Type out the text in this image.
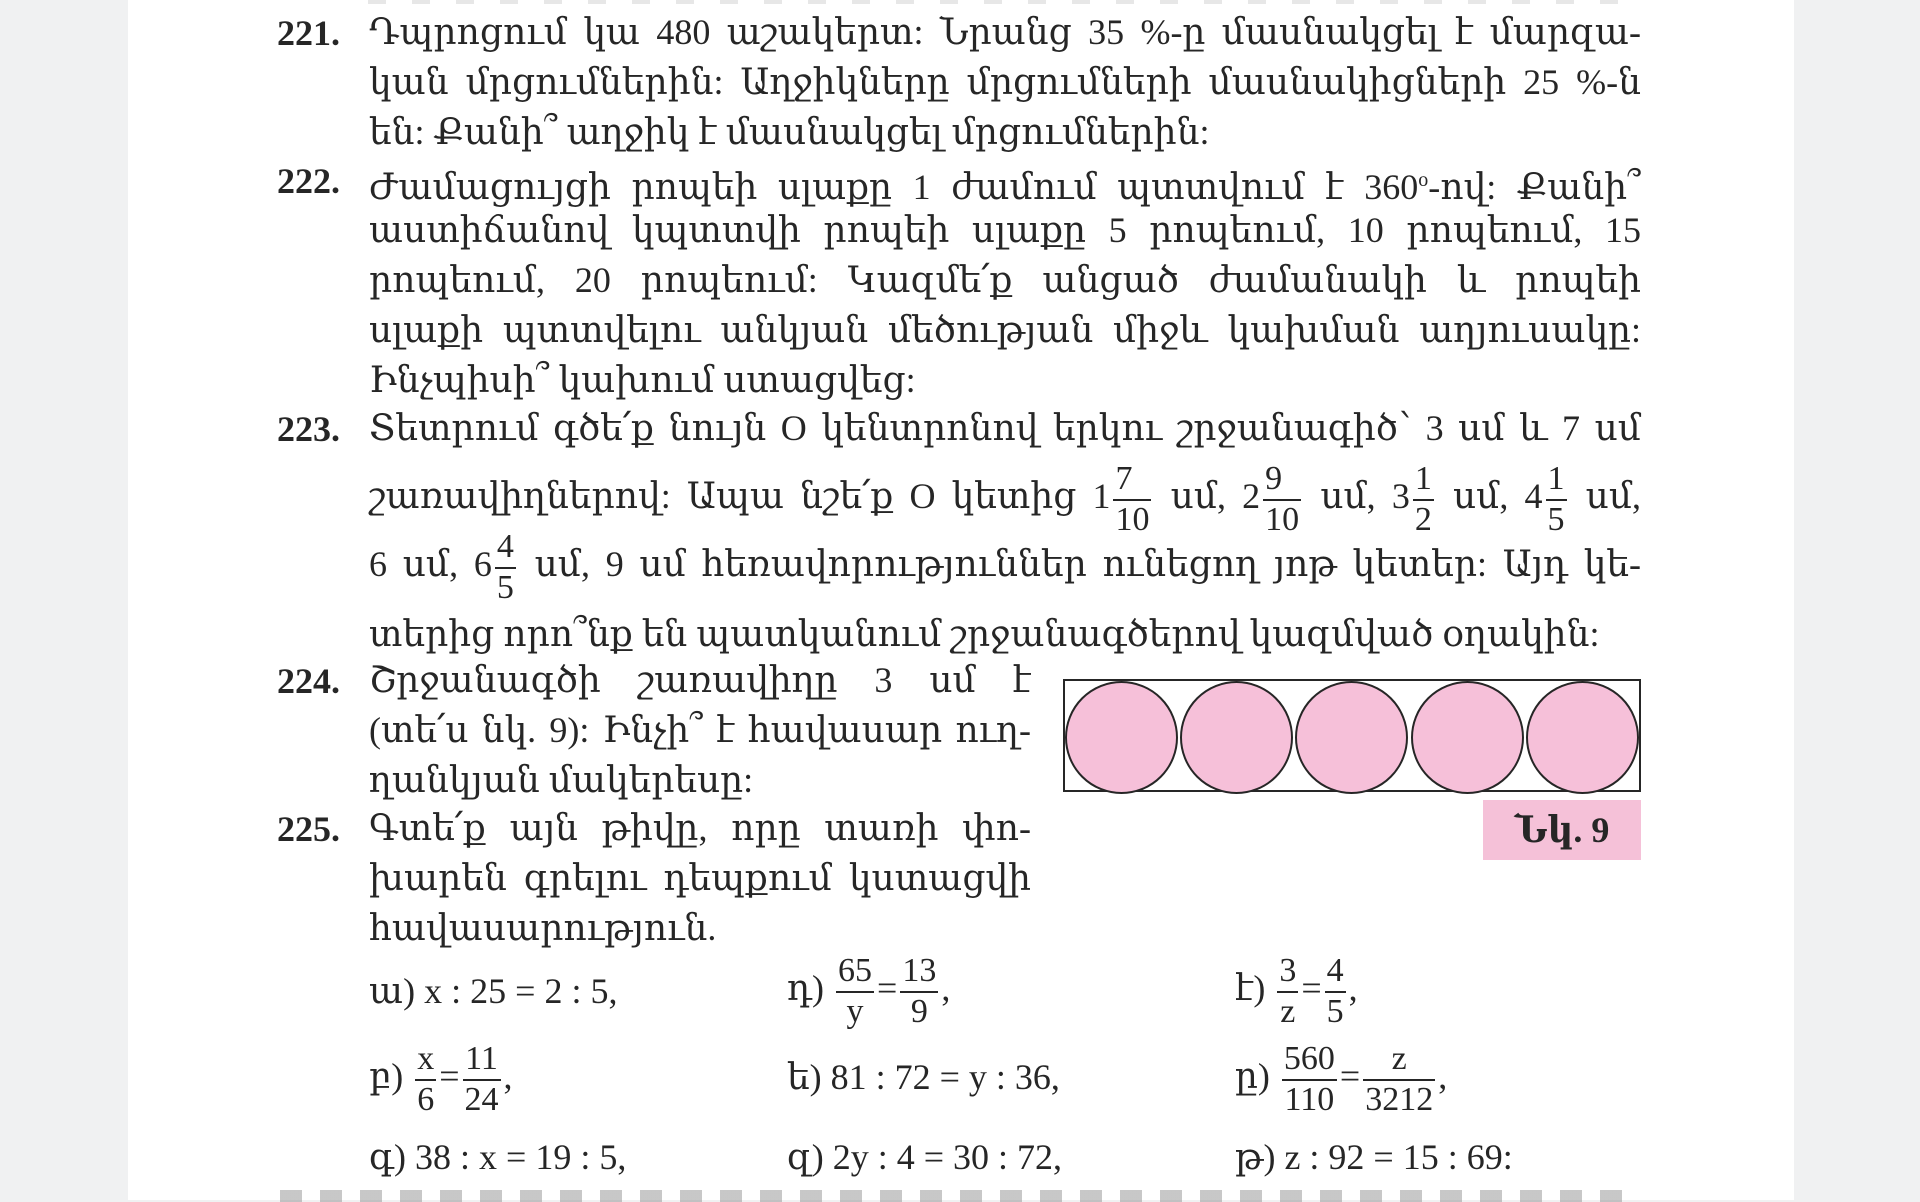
221. Դպրոցում կա 480 աշակերտ: Նրանց 35 %-ը մասնակցել է մարզա-
կան մրցումներին: Աղջիկները մրցումների մասնակիցների 25 %-ն
են: Քանի՞ աղջիկ է մասնակցել մրցումներին:
222. Ժամացույցի րոպեի սլաքը 1 ժամում պտտվում է 360$^o$-ով: Քանի՞
աստիճանով կպտտվի րոպեի սլաքը 5 րոպեում, 10 րոպեում, 15
րոպեում, 20 րոպեում: Կազմե՛ք անցած ժամանակի և րոպեի
սլաքի պտտվելու անկյան մեծության միջև կախման աղյուսակը:
Ինչպիսի՞ կախում ստացվեց:
223. Տետրում գծե՛ք նույն O կենտրոնով երկու շրջանագիծ՝ 3 սմ և 7 սմ
շառավիղներով: Ապա նշե՛ք O կետից $1 \frac{7}{10}$ սմ, $2 \frac{9}{10}$ սմ, $3 \frac{1}{2}$ սմ, $4 \frac{1}{5}$ սմ,
6 սմ, $6 \frac{4}{5}$ սմ, 9 սմ հեռավորություններ ունեցող յոթ կետեր: Այդ կե-
տերից որո՞նք են պատկանում շրջանագծերով կազմված օղակին:
224. Շրջանագծի շառավիղը 3 սմ է
(տե՛ս նկ. 9): Ինչի՞ է հավասար ուղ-
ղանկյան մակերեսը:
Նկ. 9
225. Գտե՛ք այն թիվը, որը տառի փո-
խարեն գրելու դեպքում կստացվի
հավասարություն.
ա) x : 25 = 2 : 5,	դ) $\frac{65}{y} = \frac{13}{9}$ ,	է) $\frac{3}{z} = \frac{4}{5}$ ,
բ) $\frac{x}{6} = \frac{11}{24}$ ,	ե) 81 : 72 = y : 36,	ը) $\frac{560}{110} = \frac{z}{3212}$ ,
գ) 38 : x = 19 : 5,	զ) 2y : 4 = 30 : 72,	թ) z : 92 = 15 : 69:
